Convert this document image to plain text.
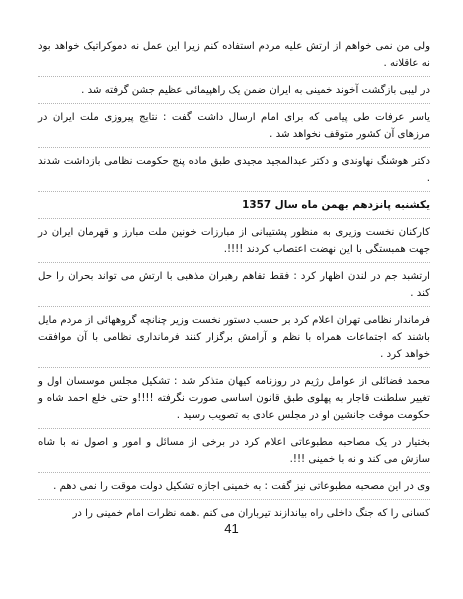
ولی من نمی خواهم از ارتش علیه مردم استفاده کنم زیرا این عمل نه دموکراتیک خواهد بود نه عاقلانه .

در لیبی بازگشت آخوند خمینی به ایران ضمن یک راهپیمائی عظیم جشن گرفته شد .

یاسر عرفات طی پیامی که برای امام ارسال داشت گفت : نتایج پیروزی ملت ایران در مرزهای آن کشور متوقف نخواهد شد .

دکتر هوشنگ نهاوندی و دکتر عبدالمجید مجیدی طبق ماده پنج حکومت نظامی بازداشت شدند .

یکشنبه پانزدهم بهمن ماه سال 1357

کارکنان نخست وزیری به منظور پشتیبانی از مبارزات خونین ملت مبارز و قهرمان ایران در جهت همبستگی با این نهضت اعتصاب کردند !!!!.

ارتشبد جم در لندن اظهار کرد : فقط تفاهم رهبران مذهبی با ارتش می تواند بحران را حل کند .

فرماندار نظامی تهران اعلام کرد بر حسب دستور نخست وزیر چنانچه گروههائی از مردم مایل باشند که اجتماعات همراه با نظم و آرامش برگزار کنند فرمانداری نظامی با آن موافقت خواهد کرد .

محمد فضائلی از عوامل رژیم در روزنامه کیهان متذکر شد : تشکیل مجلس موسسان اول و تغییر سلطنت قاجار به پهلوی طبق قانون اساسی صورت نگرفته !!!!و حتی خلع احمد شاه و حکومت موقت جانشین او در مجلس عادی به تصویب رسید .

بختیار در یک مصاحبه مطبوعاتی اعلام کرد در برخی از مسائل و امور و اصول نه با شاه سازش می کند و نه با خمینی !!!.

وی در این مصحبه مطبوعاتی نیز گفت : به خمینی اجازه تشکیل دولت موقت را نمی دهم .

کسانی را که جنگ داخلی راه بیاندازند تیرباران می کنم .همه نظرات امام خمینی را در

41
